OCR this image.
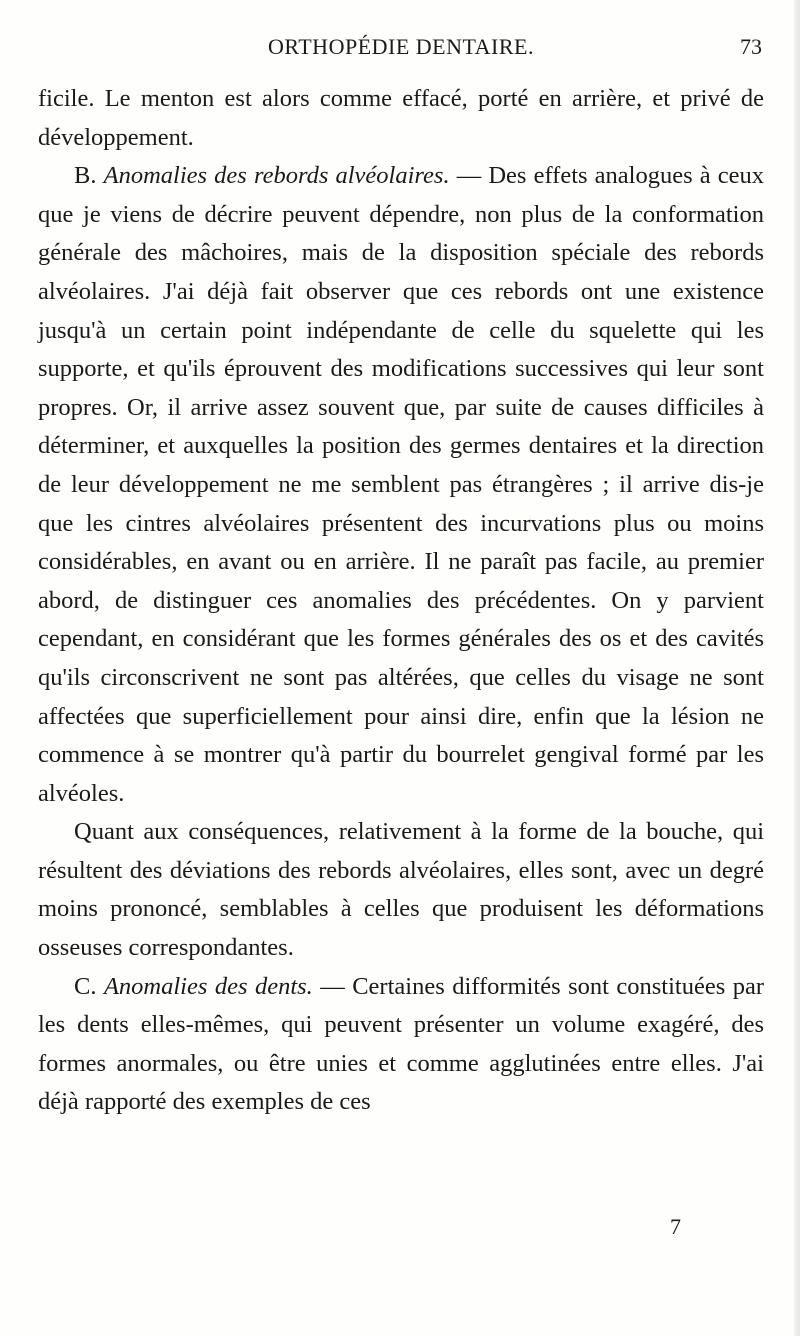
ORTHOPÉDIE DENTAIRE.	73

ficile. Le menton est alors comme effacé, porté en arrière, et privé de développement.

B. Anomalies des rebords alvéolaires. — Des effets analogues à ceux que je viens de décrire peuvent dépendre, non plus de la conformation générale des mâchoires, mais de la disposition spéciale des rebords alvéolaires. J'ai déjà fait observer que ces rebords ont une existence jusqu'à un certain point indépendante de celle du squelette qui les supporte, et qu'ils éprouvent des modifications successives qui leur sont propres. Or, il arrive assez souvent que, par suite de causes difficiles à déterminer, et auxquelles la position des germes dentaires et la direction de leur développement ne me semblent pas étrangères ; il arrive dis-je que les cintres alvéolaires présentent des incurvations plus ou moins considérables, en avant ou en arrière. Il ne paraît pas facile, au premier abord, de distinguer ces anomalies des précédentes. On y parvient cependant, en considérant que les formes générales des os et des cavités qu'ils circonscrivent ne sont pas altérées, que celles du visage ne sont affectées que superficiellement pour ainsi dire, enfin que la lésion ne commence à se montrer qu'à partir du bourrelet gengival formé par les alvéoles.

Quant aux conséquences, relativement à la forme de la bouche, qui résultent des déviations des rebords alvéolaires, elles sont, avec un degré moins prononcé, semblables à celles que produisent les déformations osseuses correspondantes.

C. Anomalies des dents. — Certaines difformités sont constituées par les dents elles-mêmes, qui peuvent présenter un volume exagéré, des formes anormales, ou être unies et comme agglutinées entre elles. J'ai déjà rapporté des exemples de ces

7
